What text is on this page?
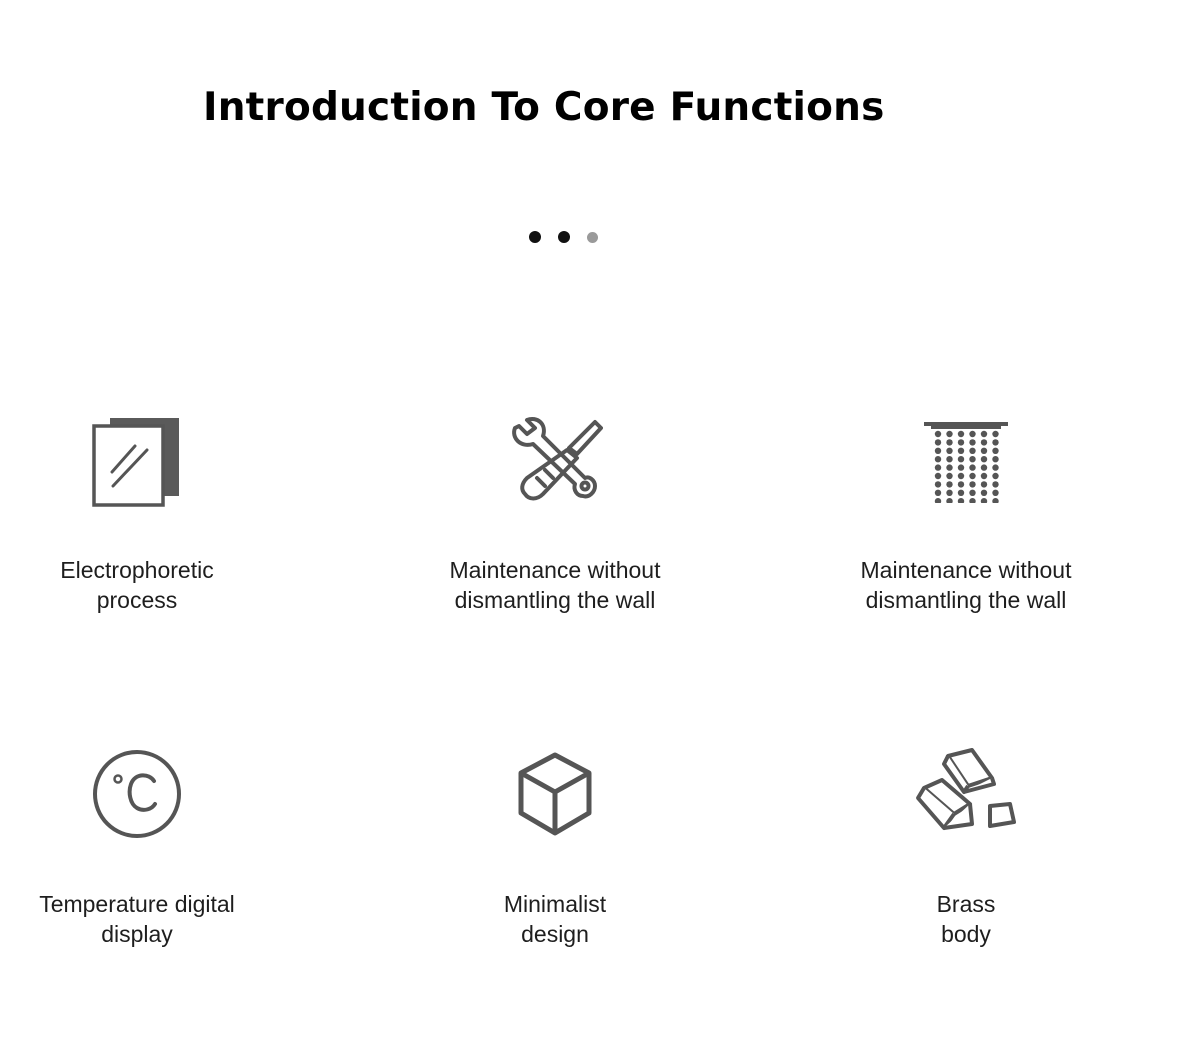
Introduction To Core Functions
Electrophoretic
process
Maintenance without
dismantling the wall
Maintenance without
dismantling the wall
Temperature digital
display
Minimalist
design
Brass
body
